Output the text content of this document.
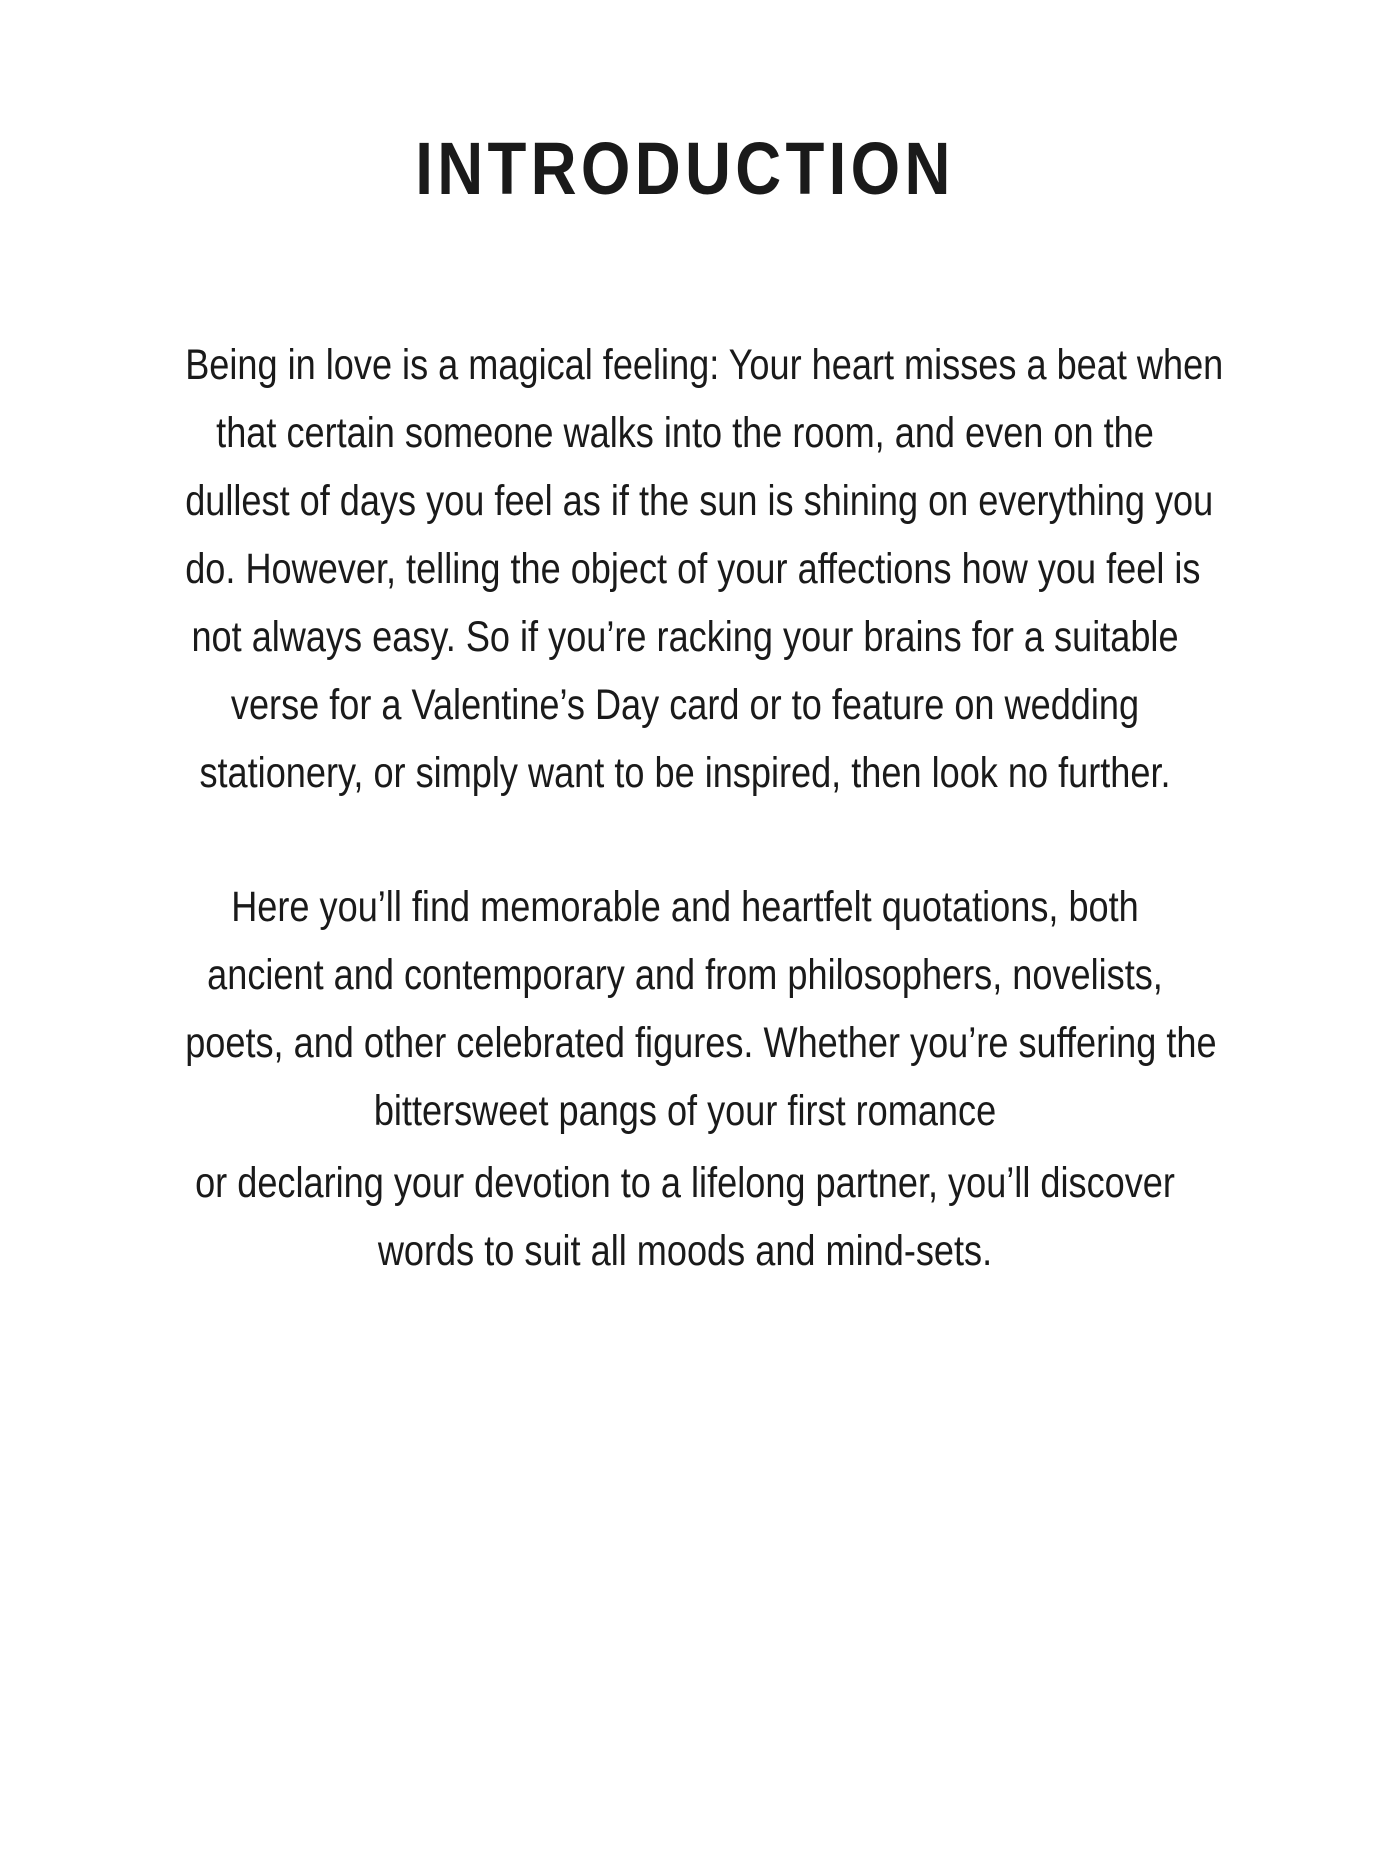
INTRODUCTION

Being in love is a magical feeling: Your heart misses a beat when
that certain someone walks into the room, and even on the
dullest of days you feel as if the sun is shining on everything you
do. However, telling the object of your affections how you feel is
not always easy. So if you’re racking your brains for a suitable
verse for a Valentine’s Day card or to feature on wedding
stationery, or simply want to be inspired, then look no further.

Here you’ll find memorable and heartfelt quotations, both
ancient and contemporary and from philosophers, novelists,
poets, and other celebrated figures. Whether you’re suffering the
bittersweet pangs of your first romance
or declaring your devotion to a lifelong partner, you’ll discover
words to suit all moods and mind-sets.
